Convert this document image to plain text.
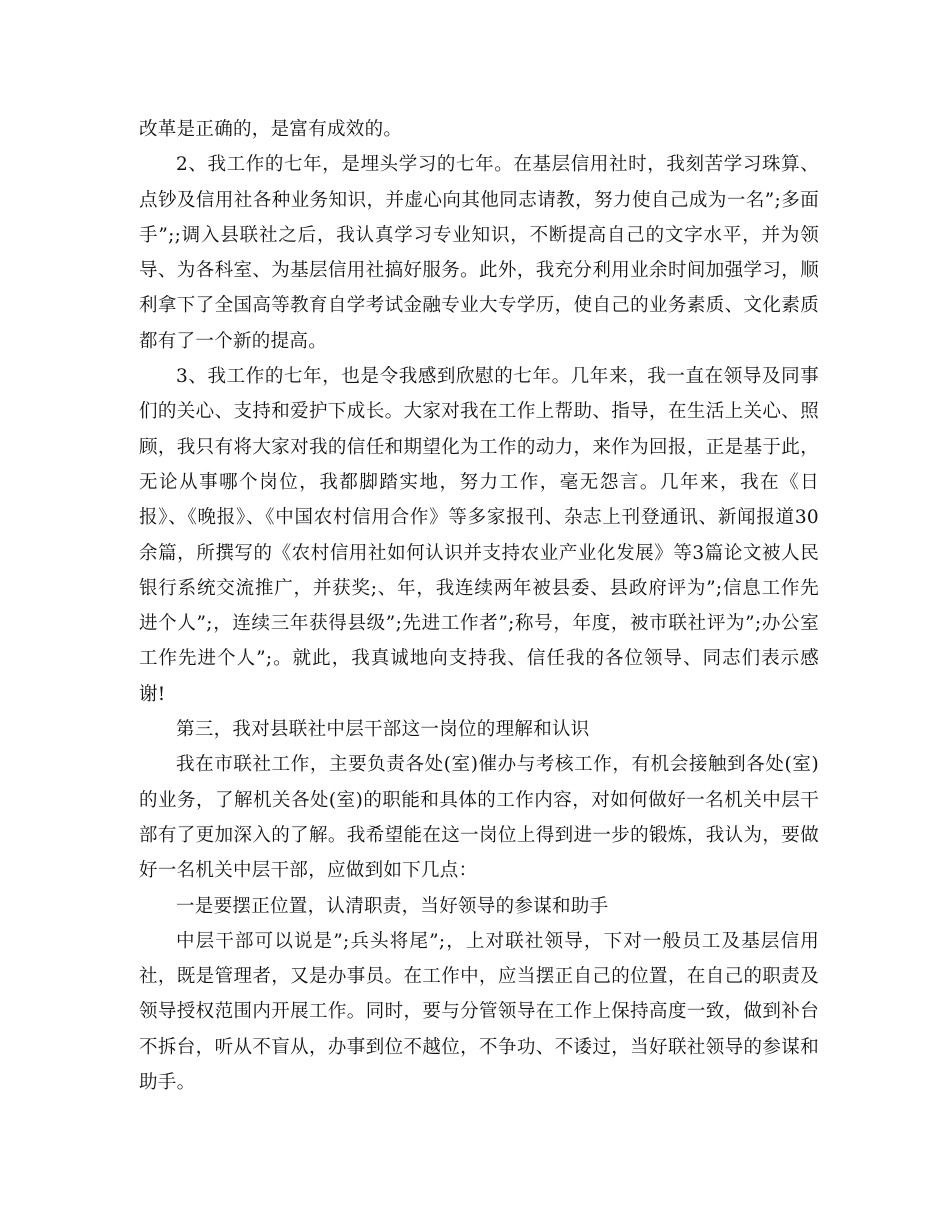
改革是正确的，是富有成效的。

2、我工作的七年，是埋头学习的七年。在基层信用社时，我刻苦学习珠算、点钞及信用社各种业务知识，并虚心向其他同志请教，努力使自己成为一名”;多面手”;;调入县联社之后，我认真学习专业知识，不断提高自己的文字水平，并为领导、为各科室、为基层信用社搞好服务。此外，我充分利用业余时间加强学习，顺利拿下了全国高等教育自学考试金融专业大专学历，使自己的业务素质、文化素质都有了一个新的提高。

3、我工作的七年，也是令我感到欣慰的七年。几年来，我一直在领导及同事们的关心、支持和爱护下成长。大家对我在工作上帮助、指导，在生活上关心、照顾，我只有将大家对我的信任和期望化为工作的动力，来作为回报，正是基于此，无论从事哪个岗位，我都脚踏实地，努力工作，毫无怨言。几年来，我在《日报》、《晚报》、《中国农村信用合作》等多家报刊、杂志上刊登通讯、新闻报道30余篇，所撰写的《农村信用社如何认识并支持农业产业化发展》等3篇论文被人民银行系统交流推广，并获奖;、年，我连续两年被县委、县政府评为”;信息工作先进个人”;，连续三年获得县级”;先进工作者”;称号，年度，被市联社评为”;办公室工作先进个人”;。就此，我真诚地向支持我、信任我的各位领导、同志们表示感谢!

第三，我对县联社中层干部这一岗位的理解和认识

我在市联社工作，主要负责各处(室)催办与考核工作，有机会接触到各处(室)的业务，了解机关各处(室)的职能和具体的工作内容，对如何做好一名机关中层干部有了更加深入的了解。我希望能在这一岗位上得到进一步的锻炼，我认为，要做好一名机关中层干部，应做到如下几点：

一是要摆正位置，认清职责，当好领导的参谋和助手

中层干部可以说是”;兵头将尾”;，上对联社领导，下对一般员工及基层信用社，既是管理者，又是办事员。在工作中，应当摆正自己的位置，在自己的职责及领导授权范围内开展工作。同时，要与分管领导在工作上保持高度一致，做到补台不拆台，听从不盲从，办事到位不越位，不争功、不诿过，当好联社领导的参谋和助手。
